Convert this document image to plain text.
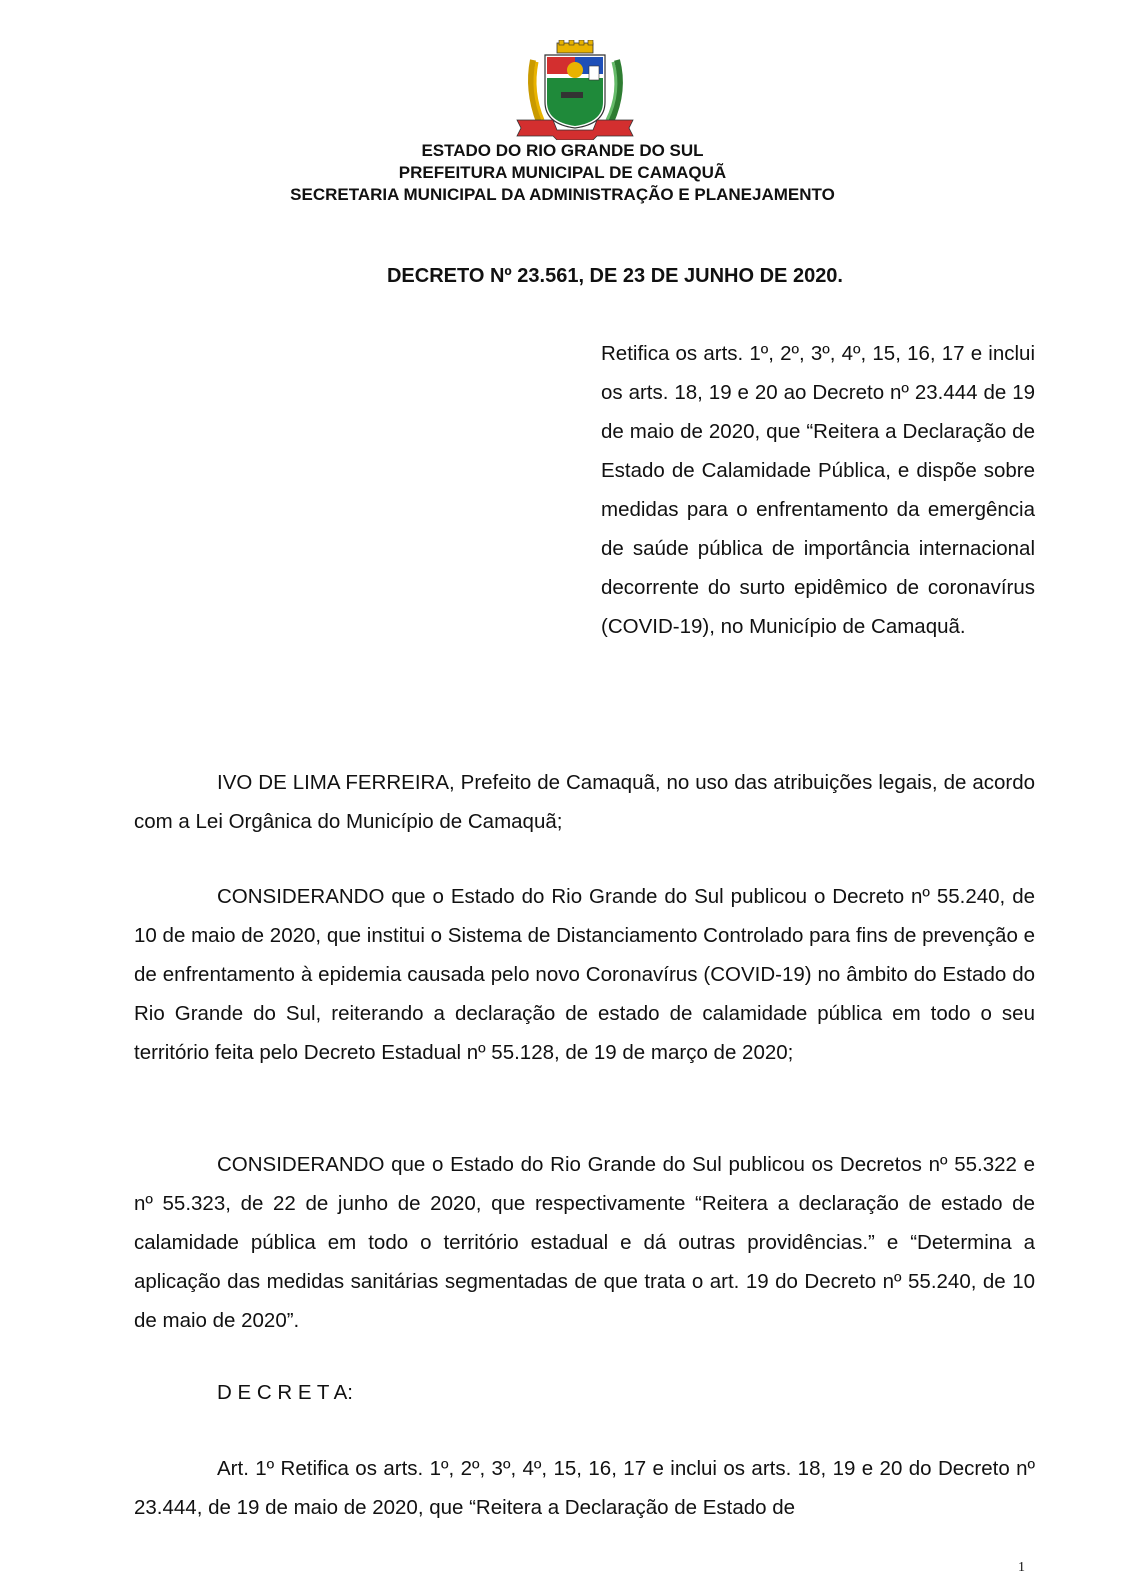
ESTADO DO RIO GRANDE DO SUL
PREFEITURA MUNICIPAL DE CAMAQUÃ
SECRETARIA MUNICIPAL DA ADMINISTRAÇÃO E PLANEJAMENTO
DECRETO Nº 23.561, DE 23 DE JUNHO DE 2020.
Retifica os arts. 1º, 2º, 3º, 4º, 15, 16, 17 e inclui os arts. 18, 19 e 20 ao Decreto nº 23.444 de 19 de maio de 2020, que “Reitera a Declaração de Estado de Calamidade Pública, e dispõe sobre medidas para o enfrentamento da emergência de saúde pública de importância internacional decorrente do surto epidêmico de coronavírus (COVID-19), no Município de Camaquã.
IVO DE LIMA FERREIRA, Prefeito de Camaquã, no uso das atribuições legais, de acordo com a Lei Orgânica do Município de Camaquã;
CONSIDERANDO que o Estado do Rio Grande do Sul publicou o Decreto nº 55.240, de 10 de maio de 2020, que institui o Sistema de Distanciamento Controlado para fins de prevenção e de enfrentamento à epidemia causada pelo novo Coronavírus (COVID-19) no âmbito do Estado do Rio Grande do Sul, reiterando a declaração de estado de calamidade pública em todo o seu território feita pelo Decreto Estadual nº 55.128, de 19 de março de 2020;
CONSIDERANDO que o Estado do Rio Grande do Sul publicou os Decretos nº 55.322 e nº 55.323, de 22 de junho de 2020, que respectivamente “Reitera a declaração de estado de calamidade pública em todo o território estadual e dá outras providências.” e “Determina a aplicação das medidas sanitárias segmentadas de que trata o art. 19 do Decreto nº 55.240, de 10 de maio de 2020”.
D E C R E T A:
Art. 1º Retifica os arts. 1º, 2º, 3º, 4º, 15, 16, 17 e inclui os arts. 18, 19 e 20 do Decreto nº 23.444, de 19 de maio de 2020, que “Reitera a Declaração de Estado de
1
